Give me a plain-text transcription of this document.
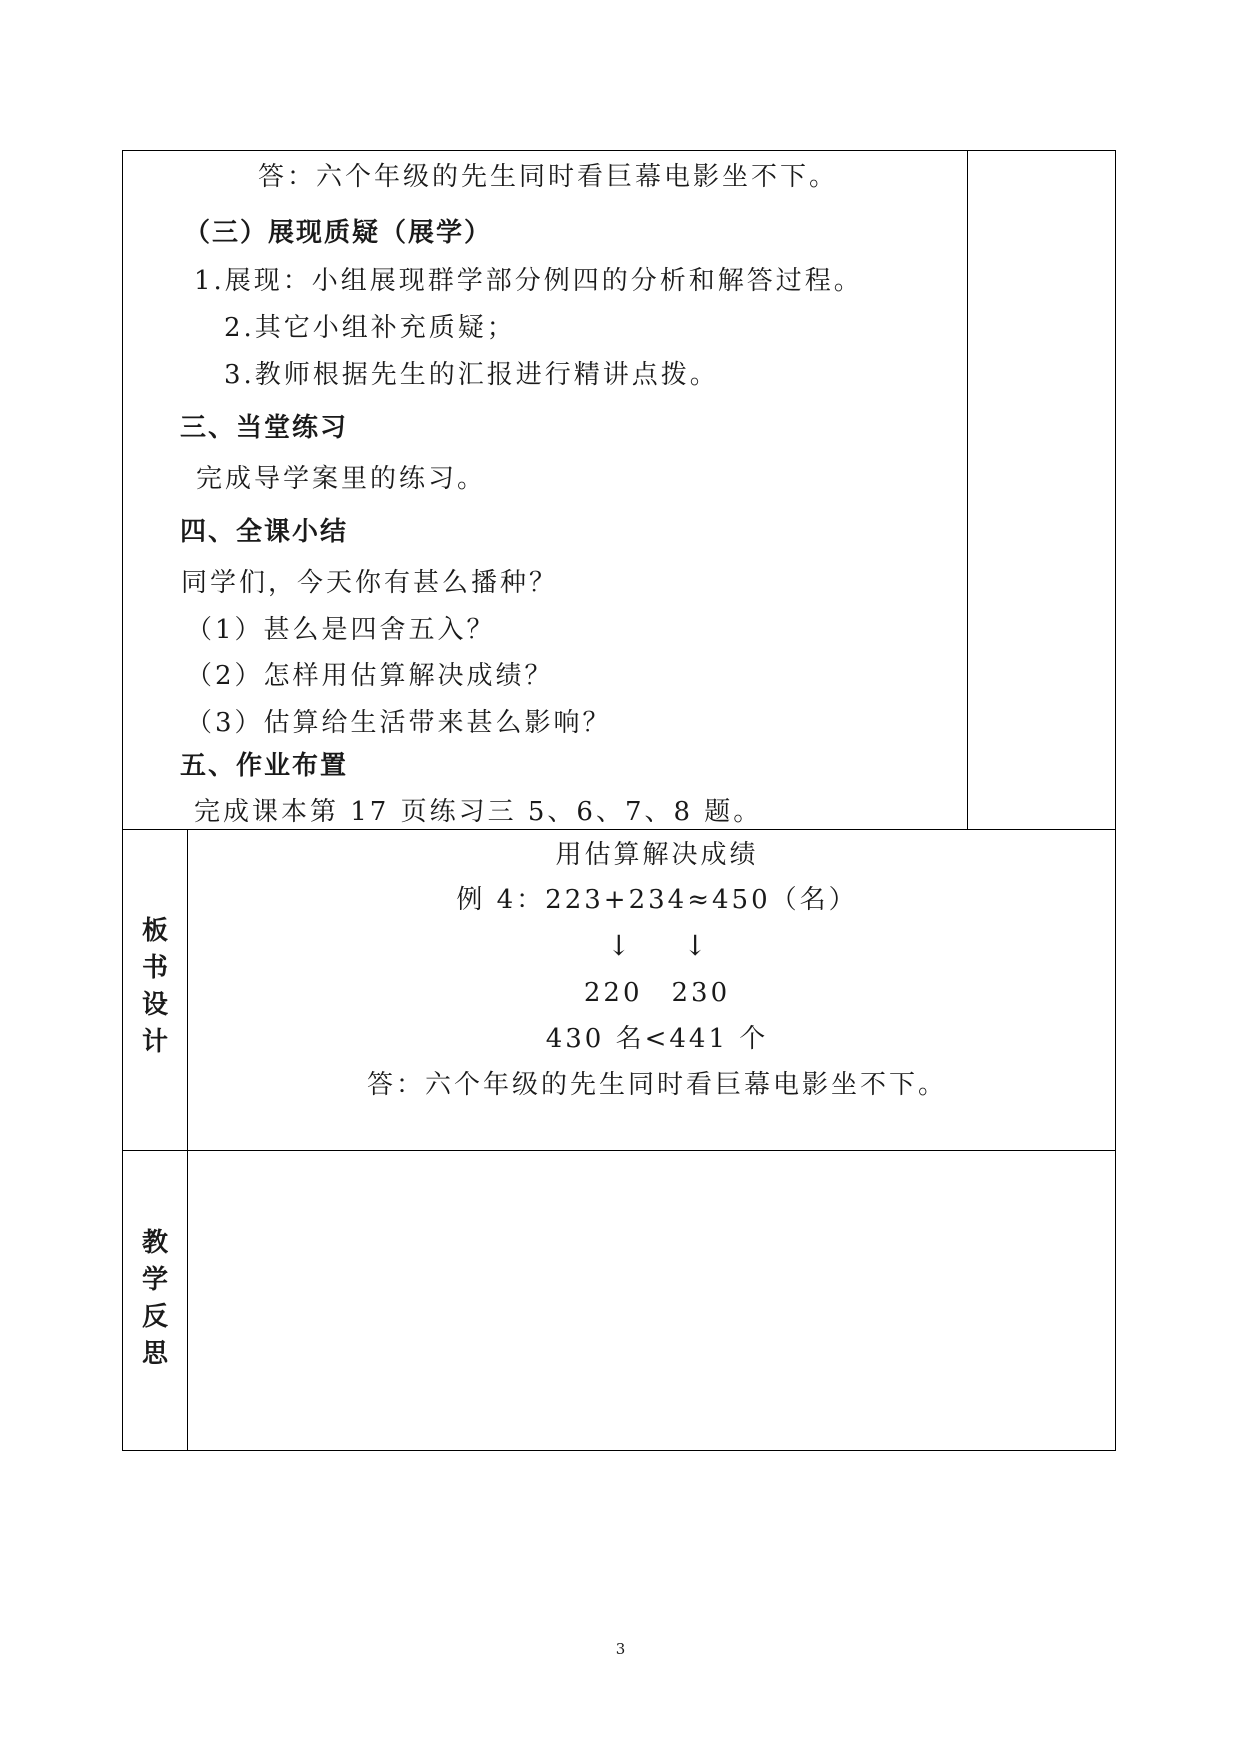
答：六个年级的先生同时看巨幕电影坐不下。
（三）展现质疑（展学）
1.展现：小组展现群学部分例四的分析和解答过程。
2.其它小组补充质疑；
3.教师根据先生的汇报进行精讲点拨。
三、当堂练习
完成导学案里的练习。
四、全课小结
同学们，今天你有甚么播种？
（1）甚么是四舍五入？
（2）怎样用估算解决成绩？
（3）估算给生活带来甚么影响？
五、作业布置
完成课本第 17 页练习三 5、6、7、8 题。
板
书
设
计
用估算解决成绩
例 4：223+234≈450（名）
↓ ↓
220　230
430 名<441 个
答：六个年级的先生同时看巨幕电影坐不下。
教
学
反
思
3
